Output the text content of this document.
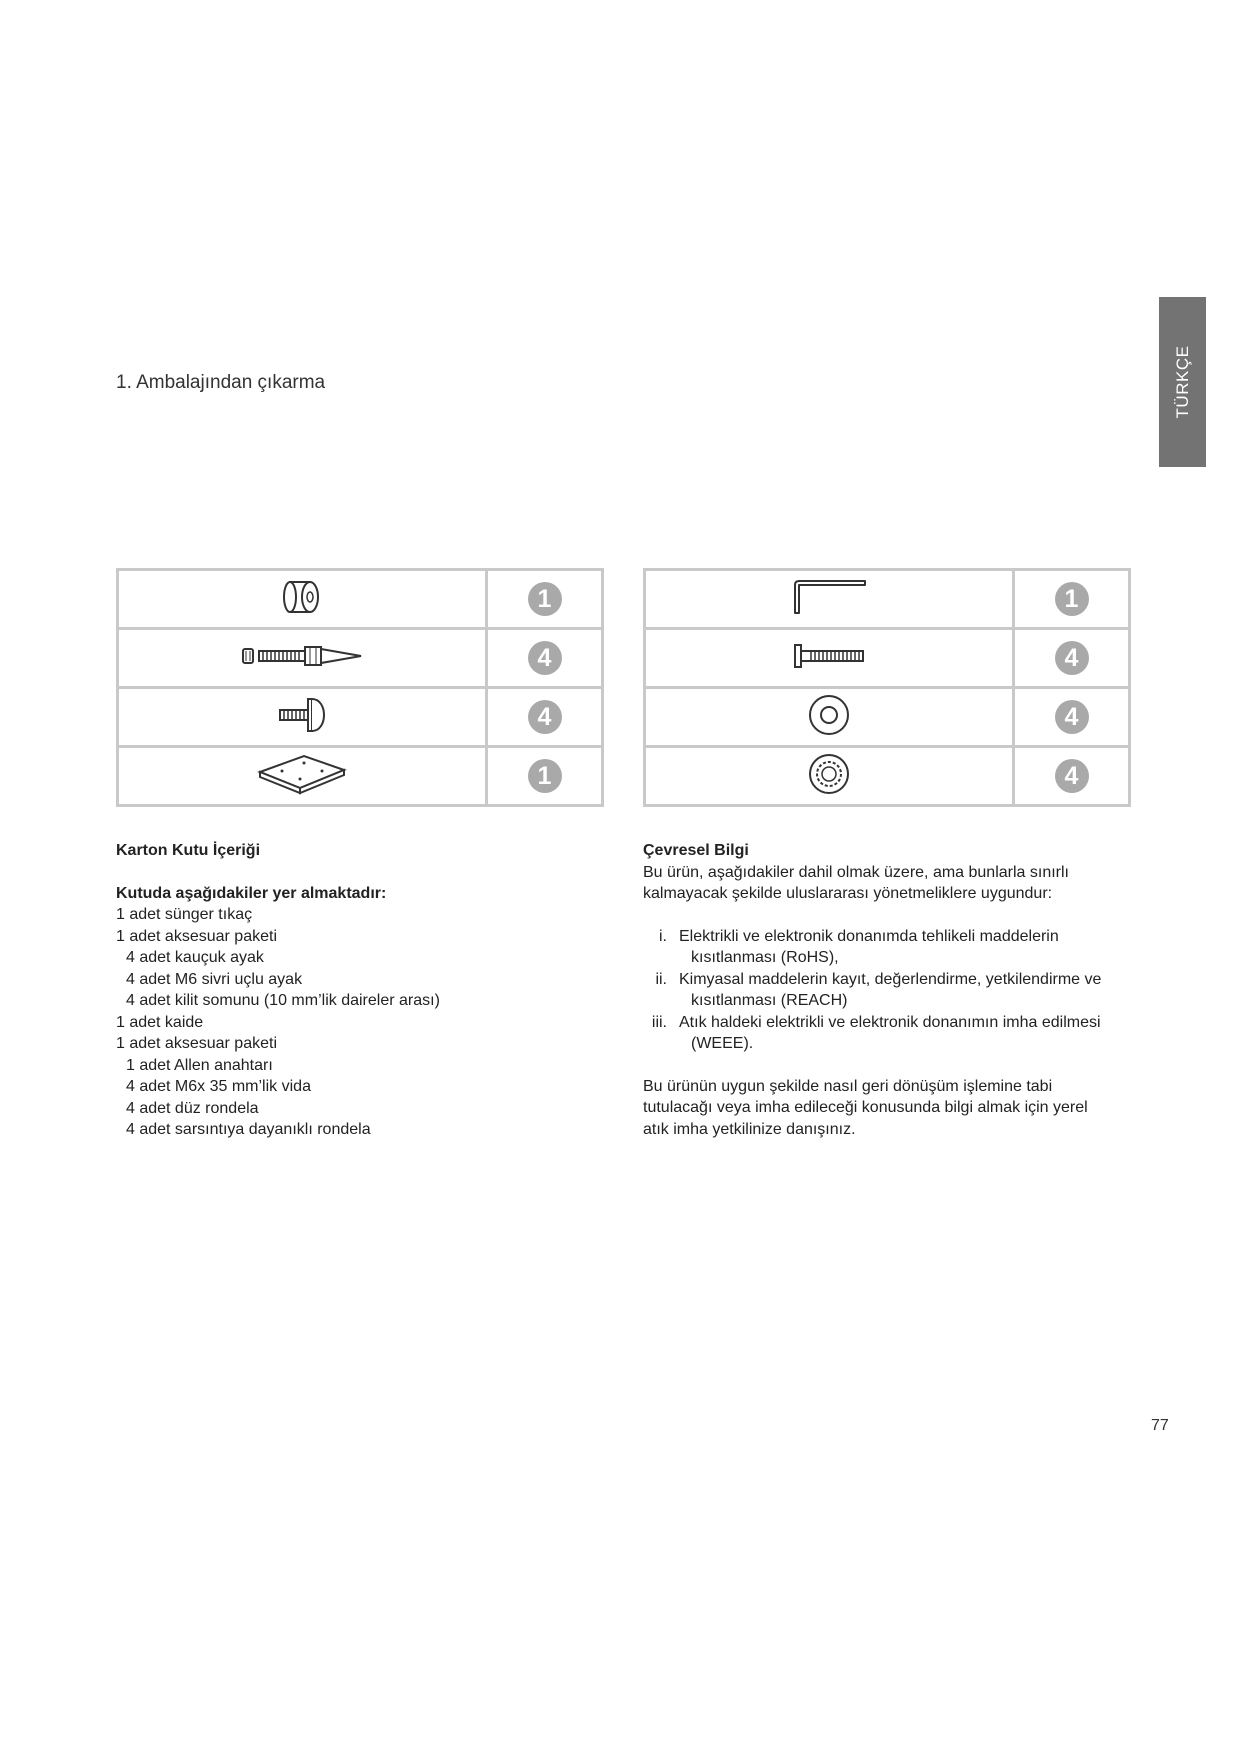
TÜRKÇE
1. Ambalajından çıkarma
	1
	4
	4
	1
	1
	4
	4
	4

Karton Kutu İçeriği

Kutuda aşağıdakiler yer almaktadır:

1 adet sünger tıkaç

1 adet aksesuar paketi

4 adet kauçuk ayak

4 adet M6 sivri uçlu ayak

4 adet kilit somunu (10 mm’lik daireler arası)

1 adet kaide

1 adet aksesuar paketi

1 adet Allen anahtarı

4 adet M6x 35 mm’lik vida

4 adet düz rondela

4 adet sarsıntıya dayanıklı rondela

Çevresel Bilgi

Bu ürün, aşağıdakiler dahil olmak üzere, ama bunlarla sınırlı

kalmayacak şekilde uluslararası yönetmeliklere uygundur:

i. Elektrikli ve elektronik donanımda tehlikeli maddelerin
kısıtlanması (RoHS),
ii. Kimyasal maddelerin kayıt, değerlendirme, yetkilendirme ve
kısıtlanması (REACH)
iii. Atık haldeki elektrikli ve elektronik donanımın imha edilmesi
(WEEE).

Bu ürünün uygun şekilde nasıl geri dönüşüm işlemine tabi

tutulacağı veya imha edileceği konusunda bilgi almak için yerel

atık imha yetkilinize danışınız.

77
